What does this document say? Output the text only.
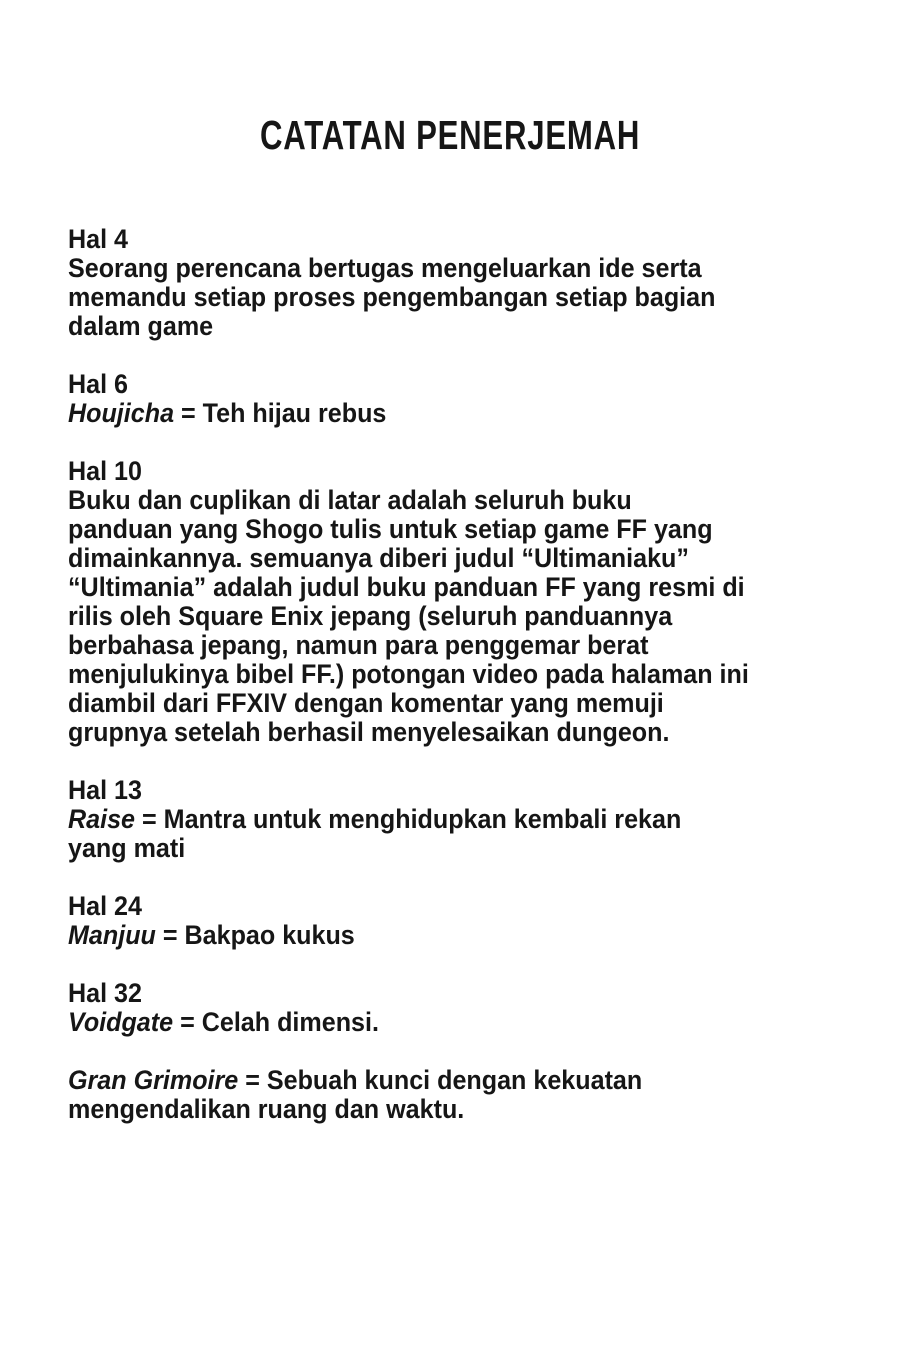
CATATAN PENERJEMAH
Hal 4
Seorang perencana bertugas mengeluarkan ide serta
memandu setiap proses pengembangan setiap bagian
dalam game
Hal 6
Houjicha = Teh hijau rebus
Hal 10
Buku dan cuplikan di latar adalah seluruh buku
panduan yang Shogo tulis untuk setiap game FF yang
dimainkannya. semuanya diberi judul “Ultimaniaku”
“Ultimania” adalah judul buku panduan FF yang resmi di
rilis oleh Square Enix jepang (seluruh panduannya
berbahasa jepang, namun para penggemar berat
menjulukinya bibel FF.) potongan video pada halaman ini
diambil dari FFXIV dengan komentar yang memuji
grupnya setelah berhasil menyelesaikan dungeon.
Hal 13
Raise = Mantra untuk menghidupkan kembali rekan
yang mati
Hal 24
Manjuu = Bakpao kukus
Hal 32
Voidgate = Celah dimensi.
Gran Grimoire = Sebuah kunci dengan kekuatan
mengendalikan ruang dan waktu.
